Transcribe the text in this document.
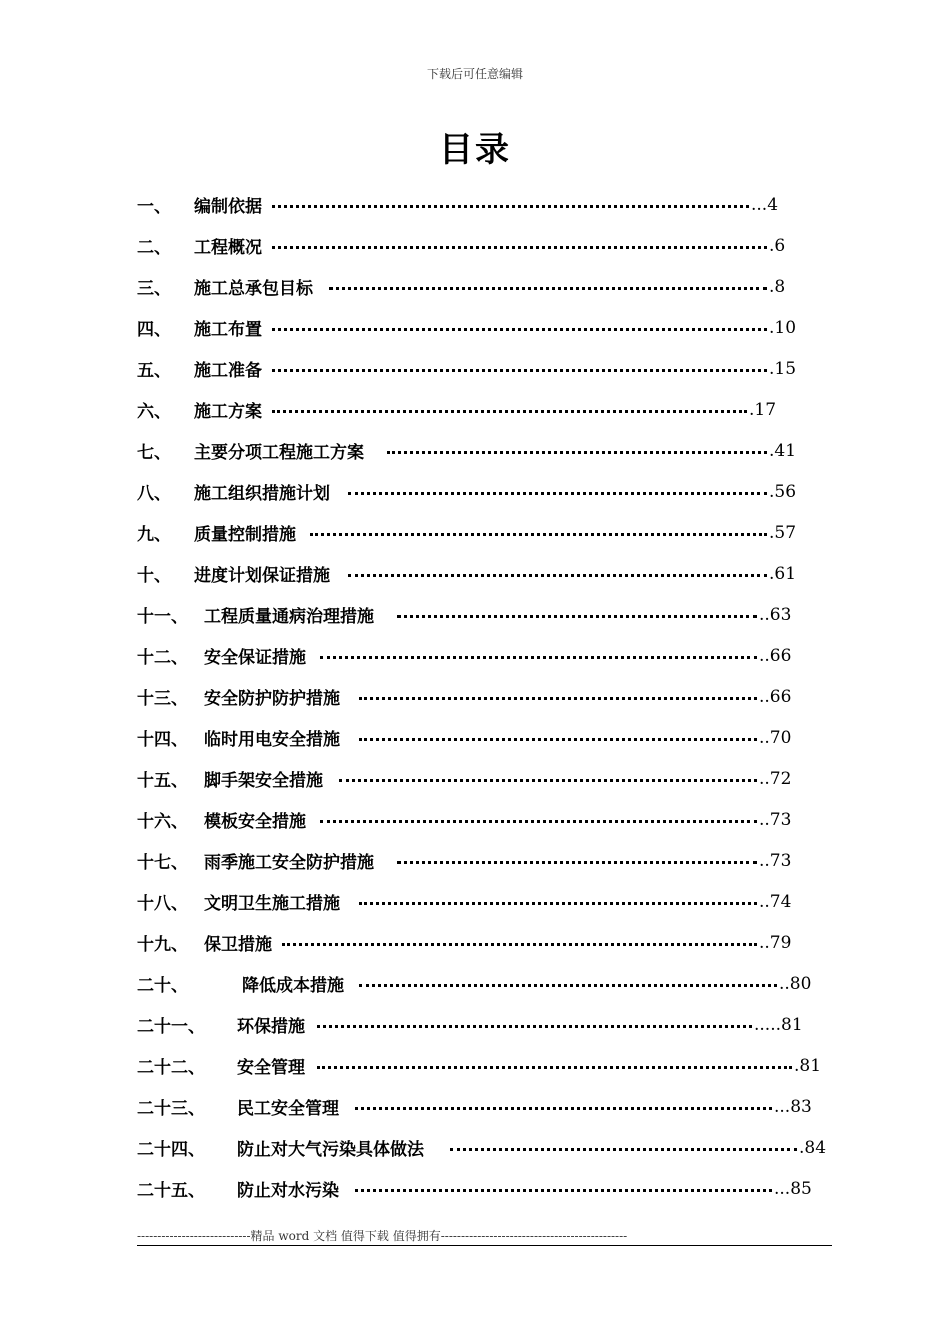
下载后可任意编辑
目录
一、 编制依据	...4
二、 工程概况	.6
三、 施工总承包目标	.8
四、 施工布置	.10
五、 施工准备	.15
六、 施工方案	.17
七、 主要分项工程施工方案	.41
八、 施工组织措施计划	.56
九、 质量控制措施	.57
十、 进度计划保证措施	.61
十一、 工程质量通病治理措施	..63
十二、 安全保证措施	..66
十三、 安全防护防护措施	..66
十四、 临时用电安全措施	..70
十五、 脚手架安全措施	..72
十六、 模板安全措施	..73
十七、 雨季施工安全防护措施	..73
十八、 文明卫生施工措施	..74
十九、 保卫措施	..79
二十、	降低成本措施	..80
二十一、 环保措施	.....81
二十二、 安全管理	.81
二十三、 民工安全管理	...83
二十四、 防止对大气污染具体做法	.84
二十五、 防止对水污染	...85
----------------------------精品 word 文档 值得下载 值得拥有----------------------------------------------
